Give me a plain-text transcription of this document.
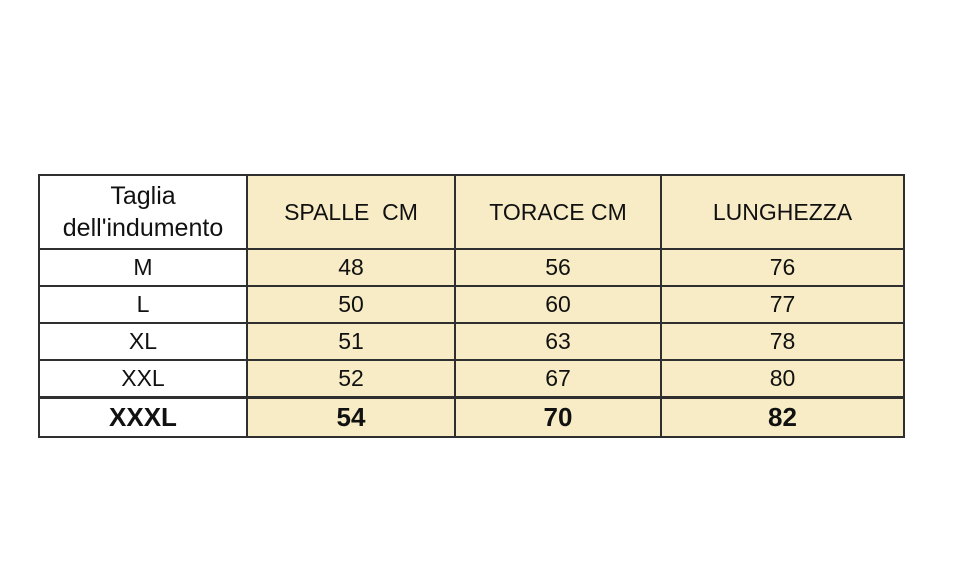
Taglia
dell'indumento	SPALLE  CM	TORACE CM	LUNGHEZZA
M	48	56	76
L	50	60	77
XL	51	63	78
XXL	52	67	80
XXXL	54	70	82
